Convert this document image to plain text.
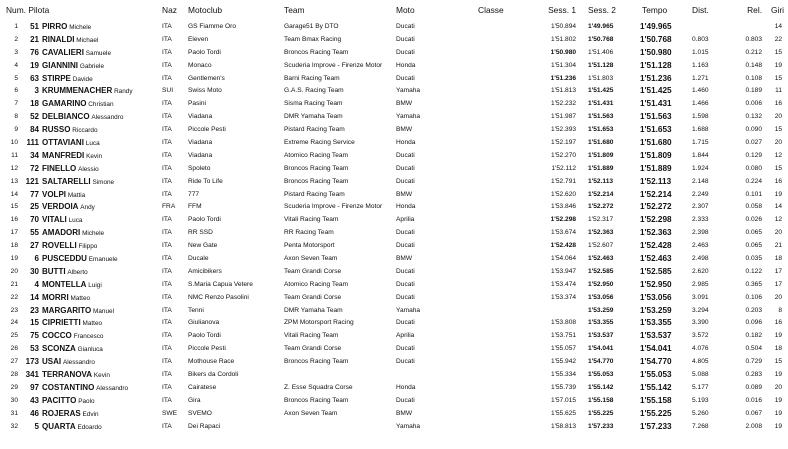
Num. Pilota			Naz	Motoclub	Team	Moto	Classe	Sess. 1	Sess. 2	Tempo	Dist.	Rel.	Giri
1	51	PIRRO Michele	ITA	GS Fiamme Oro	Garage51 By DTO	Ducati		1'50.894	1'49.965	1'49.965			14
2	21	RINALDI Michael	ITA	Eleven	Team Bmax Racing	Ducati		1'51.802	1'50.768	1'50.768	0.803	0.803	22
3	76	CAVALIERI Samuele	ITA	Paolo Tordi	Broncos Racing Team	Ducati		1'50.980	1'51.406	1'50.980	1.015	0.212	15
4	19	GIANNINI Gabriele	ITA	Monaco	Scuderia Improve - Firenze Motor	Honda		1'51.304	1'51.128	1'51.128	1.163	0.148	19
5	63	STIRPE Davide	ITA	Gentlemen's	Barni Racing Team	Ducati		1'51.236	1'51.803	1'51.236	1.271	0.108	15
6	3	KRUMMENACHER Randy	SUI	Swiss Moto	G.A.S. Racing Team	Yamaha		1'51.813	1'51.425	1'51.425	1.460	0.189	11
7	18	GAMARINO Christian	ITA	Pasini	Sisma Racing Team	BMW		1'52.232	1'51.431	1'51.431	1.466	0.006	16
8	52	DELBIANCO Alessandro	ITA	Viadana	DMR Yamaha Team	Yamaha		1'51.987	1'51.563	1'51.563	1.598	0.132	20
9	84	RUSSO Riccardo	ITA	Piccole Pesti	Pistard Racing Team	BMW		1'52.393	1'51.653	1'51.653	1.688	0.090	15
10	111	OTTAVIANI Luca	ITA	Viadana	Extreme Racing Service	Honda		1'52.197	1'51.680	1'51.680	1.715	0.027	20
11	34	MANFREDI Kevin	ITA	Viadana	Atomico Racing Team	Ducati		1'52.270	1'51.809	1'51.809	1.844	0.129	12
12	72	FINELLO Alessio	ITA	Spoleto	Broncos Racing Team	Ducati		1'52.112	1'51.889	1'51.889	1.924	0.080	15
13	121	SALTARELLI Simone	ITA	Ride To Life	Broncos Racing Team	Ducati		1'52.791	1'52.113	1'52.113	2.148	0.224	16
14	77	VOLPI Mattia	ITA	777	Pistard Racing Team	BMW		1'52.620	1'52.214	1'52.214	2.249	0.101	19
15	25	VERDOIA Andy	FRA	FFM	Scuderia Improve - Firenze Motor	Honda		1'53.846	1'52.272	1'52.272	2.307	0.058	14
16	70	VITALI Luca	ITA	Paolo Tordi	Vitali Racing Team	Aprilia		1'52.298	1'52.317	1'52.298	2.333	0.026	12
17	55	AMADORI Michele	ITA	RR SSD	RR Racing Team	Ducati		1'53.674	1'52.363	1'52.363	2.398	0.065	20
18	27	ROVELLI Filippo	ITA	New Gate	Penta Motorsport	Ducati		1'52.428	1'52.607	1'52.428	2.463	0.065	21
19	6	PUSCEDDU Emanuele	ITA	Ducale	Axon Seven Team	BMW		1'54.064	1'52.463	1'52.463	2.498	0.035	18
20	30	BUTTI Alberto	ITA	Amicibikers	Team Grandi Corse	Ducati		1'53.947	1'52.585	1'52.585	2.620	0.122	17
21	4	MONTELLA Luigi	ITA	S.Maria Capua Vetere	Atomico Racing Team	Ducati		1'53.474	1'52.950	1'52.950	2.985	0.365	17
22	14	MORRI Matteo	ITA	NMC Renzo Pasolini	Team Grandi Corse	Ducati		1'53.374	1'53.056	1'53.056	3.091	0.106	20
23	23	MARGARITO Manuel	ITA	Tenni	DMR Yamaha Team	Yamaha			1'53.259	1'53.259	3.294	0.203	8
24	15	CIPRIETTI Matteo	ITA	Giulianova	ZPM Motorsport Racing	Ducati		1'53.808	1'53.355	1'53.355	3.390	0.096	16
25	75	COCCO Francesco	ITA	Paolo Tordi	Vitali Racing Team	Aprilia		1'53.751	1'53.537	1'53.537	3.572	0.182	19
26	53	SCONZA Gianluca	ITA	Piccole Pesti	Team Grandi Corse	Ducati		1'55.057	1'54.041	1'54.041	4.076	0.504	18
27	173	USAI Alessandro	ITA	Mothouse Race	Broncos Racing Team	Ducati		1'55.942	1'54.770	1'54.770	4.805	0.729	15
28	341	TERRANOVA Kevin	ITA	Bikers da Cordoli				1'55.334	1'55.053	1'55.053	5.088	0.283	19
29	97	COSTANTINO Alessandro	ITA	Cairatese	Z. Esse Squadra Corse	Honda		1'55.739	1'55.142	1'55.142	5.177	0.089	20
30	43	PACITTO Paolo	ITA	Gira	Broncos Racing Team	Ducati		1'57.015	1'55.158	1'55.158	5.193	0.016	19
31	46	ROJERAS Edvin	SWE	SVEMO	Axon Seven Team	BMW		1'55.625	1'55.225	1'55.225	5.260	0.067	19
32	5	QUARTA Edoardo	ITA	Dei Rapaci		Yamaha		1'58.813	1'57.233	1'57.233	7.268	2.008	19
